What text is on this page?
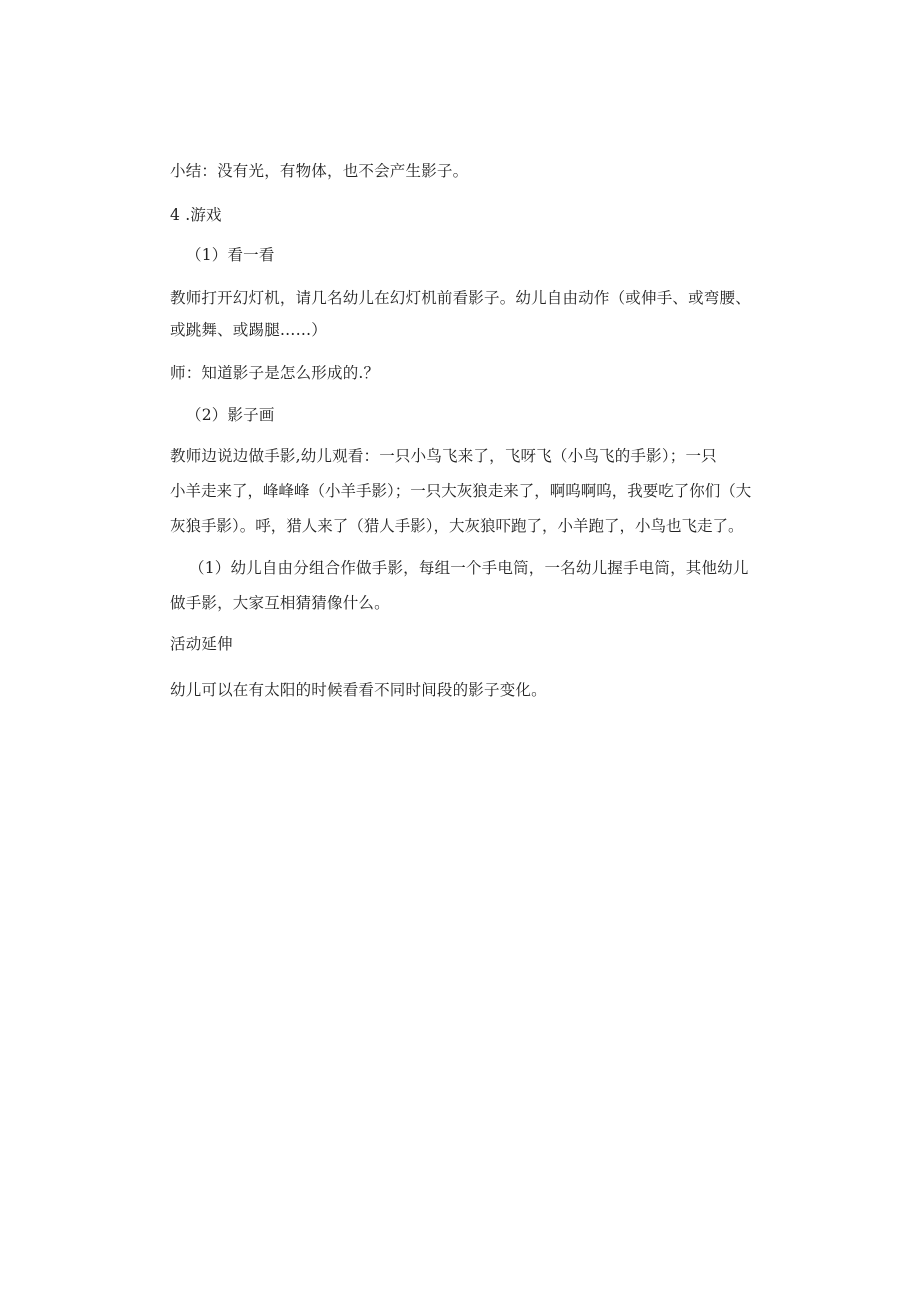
小结：没有光，有物体，也不会产生影子。
4 .游戏
（1）看一看
教师打开幻灯机，请几名幼儿在幻灯机前看影子。幼儿自由动作（或伸手、或弯腰、
或跳舞、或踢腿……）
师：知道影子是怎么形成的.？
（2）影子画
教师边说边做手影,幼儿观看：一只小鸟飞来了，飞呀飞（小鸟飞的手影）；一只
小羊走来了，峰峰峰（小羊手影）；一只大灰狼走来了，啊呜啊呜，我要吃了你们（大
灰狼手影）。呼，猎人来了（猎人手影），大灰狼吓跑了，小羊跑了，小鸟也飞走了。
（1）幼儿自由分组合作做手影，每组一个手电筒，一名幼儿握手电筒，其他幼儿
做手影，大家互相猜猜像什么。
活动延伸
幼儿可以在有太阳的时候看看不同时间段的影子变化。
